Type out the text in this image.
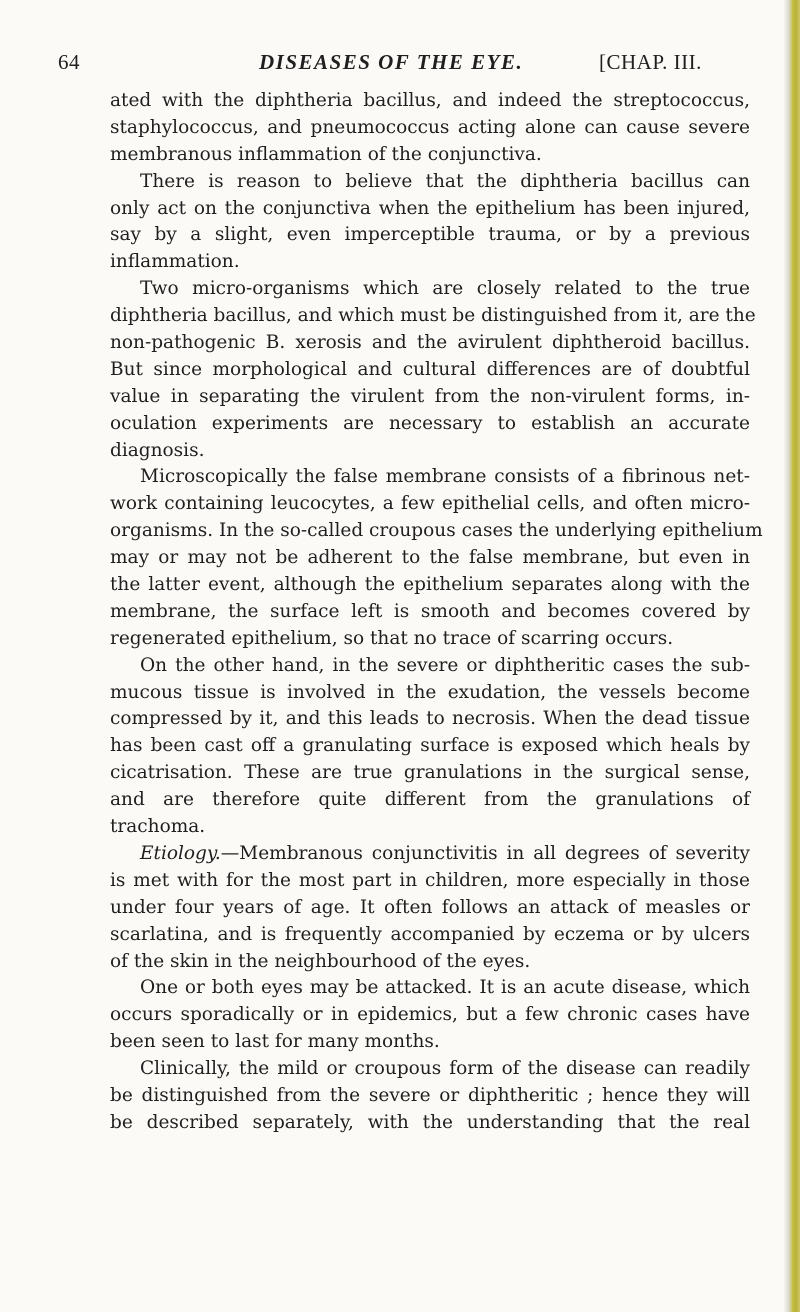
64	DISEASES OF THE EYE.	[CHAP. III.
ated with the diphtheria bacillus, and indeed the streptococcus,
staphylococcus, and pneumococcus acting alone can cause severe
membranous inflammation of the conjunctiva.
There is reason to believe that the diphtheria bacillus can
only act on the conjunctiva when the epithelium has been injured,
say by a slight, even imperceptible trauma, or by a previous
inflammation.
Two micro-organisms which are closely related to the true
diphtheria bacillus, and which must be distinguished from it, are the
non-pathogenic B. xerosis and the avirulent diphtheroid bacillus.
But since morphological and cultural differences are of doubtful
value in separating the virulent from the non-virulent forms, in-
oculation experiments are necessary to establish an accurate
diagnosis.
Microscopically the false membrane consists of a fibrinous net-
work containing leucocytes, a few epithelial cells, and often micro-
organisms. In the so-called croupous cases the underlying epithelium
may or may not be adherent to the false membrane, but even in
the latter event, although the epithelium separates along with the
membrane, the surface left is smooth and becomes covered by
regenerated epithelium, so that no trace of scarring occurs.
On the other hand, in the severe or diphtheritic cases the sub-
mucous tissue is involved in the exudation, the vessels become
compressed by it, and this leads to necrosis. When the dead tissue
has been cast off a granulating surface is exposed which heals by
cicatrisation. These are true granulations in the surgical sense,
and are therefore quite different from the granulations of
trachoma.
Etiology.—Membranous conjunctivitis in all degrees of severity
is met with for the most part in children, more especially in those
under four years of age. It often follows an attack of measles or
scarlatina, and is frequently accompanied by eczema or by ulcers
of the skin in the neighbourhood of the eyes.
One or both eyes may be attacked. It is an acute disease, which
occurs sporadically or in epidemics, but a few chronic cases have
been seen to last for many months.
Clinically, the mild or croupous form of the disease can readily
be distinguished from the severe or diphtheritic ; hence they will
be described separately, with the understanding that the real
